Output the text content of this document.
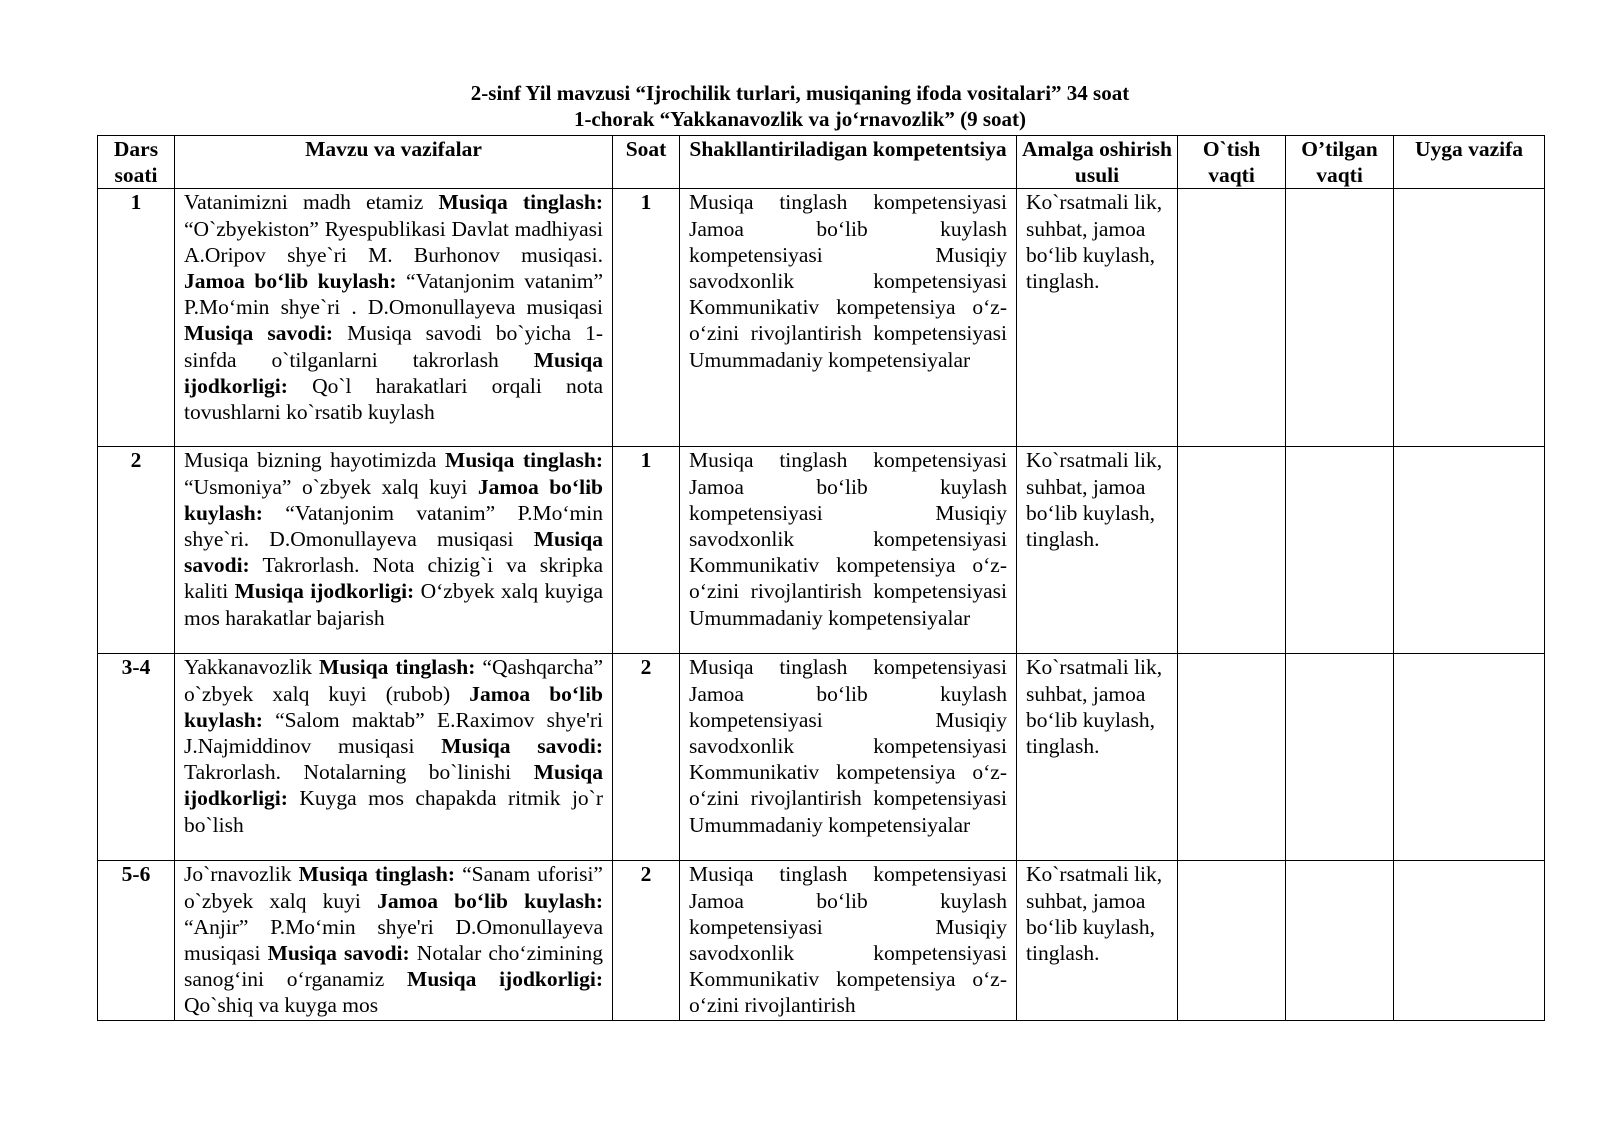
2-sinf Yil mavzusi “Ijrochilik turlari, musiqaning ifoda vositalari” 34 soat
1-chorak “Yakkanavozlik va jo‘rnavozlik” (9 soat)
Dars soati	Mavzu va vazifalar	Soat	Shakllantiriladigan kompetentsiya	Amalga oshirish usuli	O`tish vaqti	O’tilgan vaqti	Uyga vazifa
1	Vatanimizni madh etamiz Musiqa tinglash: “O`zbyekiston” Ryespublikasi Davlat madhiyasi A.Oripov shye`ri M. Burhonov musiqasi. Jamoa bo‘lib kuylash: “Vatanjonim vatanim” P.Mo‘min shye`ri . D.Omonullayeva musiqasi Musiqa savodi: Musiqa savodi bo`yicha 1-sinfda o`tilganlarni takrorlash Musiqa ijodkorligi: Qo`l harakatlari orqali nota tovushlarni ko`rsatib kuylash	1	Musiqa tinglash kompetensiyasi Jamoa bo‘lib kuylash kompetensiyasi Musiqiy savodxonlik kompetensiyasi Kommunikativ kompetensiya o‘z-o‘zini rivojlantirish kompetensiyasi Umummadaniy kompetensiyalar	Ko`rsatmali lik, suhbat, jamoa bo‘lib kuylash, tinglash.			
2	Musiqa bizning hayotimizda Musiqa tinglash: “Usmoniya” o`zbyek xalq kuyi Jamoa bo‘lib kuylash: “Vatanjonim vatanim” P.Mo‘min shye`ri. D.Omonullayeva musiqasi Musiqa savodi: Takrorlash. Nota chizig`i va skripka kaliti Musiqa ijodkorligi: O‘zbyek xalq kuyiga mos harakatlar bajarish	1	Musiqa tinglash kompetensiyasi Jamoa bo‘lib kuylash kompetensiyasi Musiqiy savodxonlik kompetensiyasi Kommunikativ kompetensiya o‘z-o‘zini rivojlantirish kompetensiyasi Umummadaniy kompetensiyalar	Ko`rsatmali lik, suhbat, jamoa bo‘lib kuylash, tinglash.			
3-4	Yakkanavozlik Musiqa tinglash: “Qashqarcha” o`zbyek xalq kuyi (rubob) Jamoa bo‘lib kuylash: “Salom maktab” E.Raximov shye'ri J.Najmiddinov musiqasi Musiqa savodi: Takrorlash. Notalarning bo`linishi Musiqa ijodkorligi: Kuyga mos chapakda ritmik jo`r bo`lish	2	Musiqa tinglash kompetensiyasi Jamoa bo‘lib kuylash kompetensiyasi Musiqiy savodxonlik kompetensiyasi Kommunikativ kompetensiya o‘z-o‘zini rivojlantirish kompetensiyasi Umummadaniy kompetensiyalar	Ko`rsatmali lik, suhbat, jamoa bo‘lib kuylash, tinglash.			
5-6	Jo`rnavozlik Musiqa tinglash: “Sanam uforisi” o`zbyek xalq kuyi Jamoa bo‘lib kuylash: “Anjir” P.Mo‘min shye'ri D.Omonullayeva musiqasi Musiqa savodi: Notalar cho‘zimining sanog‘ini o‘rganamiz Musiqa ijodkorligi: Qo`shiq va kuyga mos	2	Musiqa tinglash kompetensiyasi Jamoa bo‘lib kuylash kompetensiyasi Musiqiy savodxonlik kompetensiyasi Kommunikativ kompetensiya o‘z-o‘zini rivojlantirish	Ko`rsatmali lik, suhbat, jamoa bo‘lib kuylash, tinglash.			
